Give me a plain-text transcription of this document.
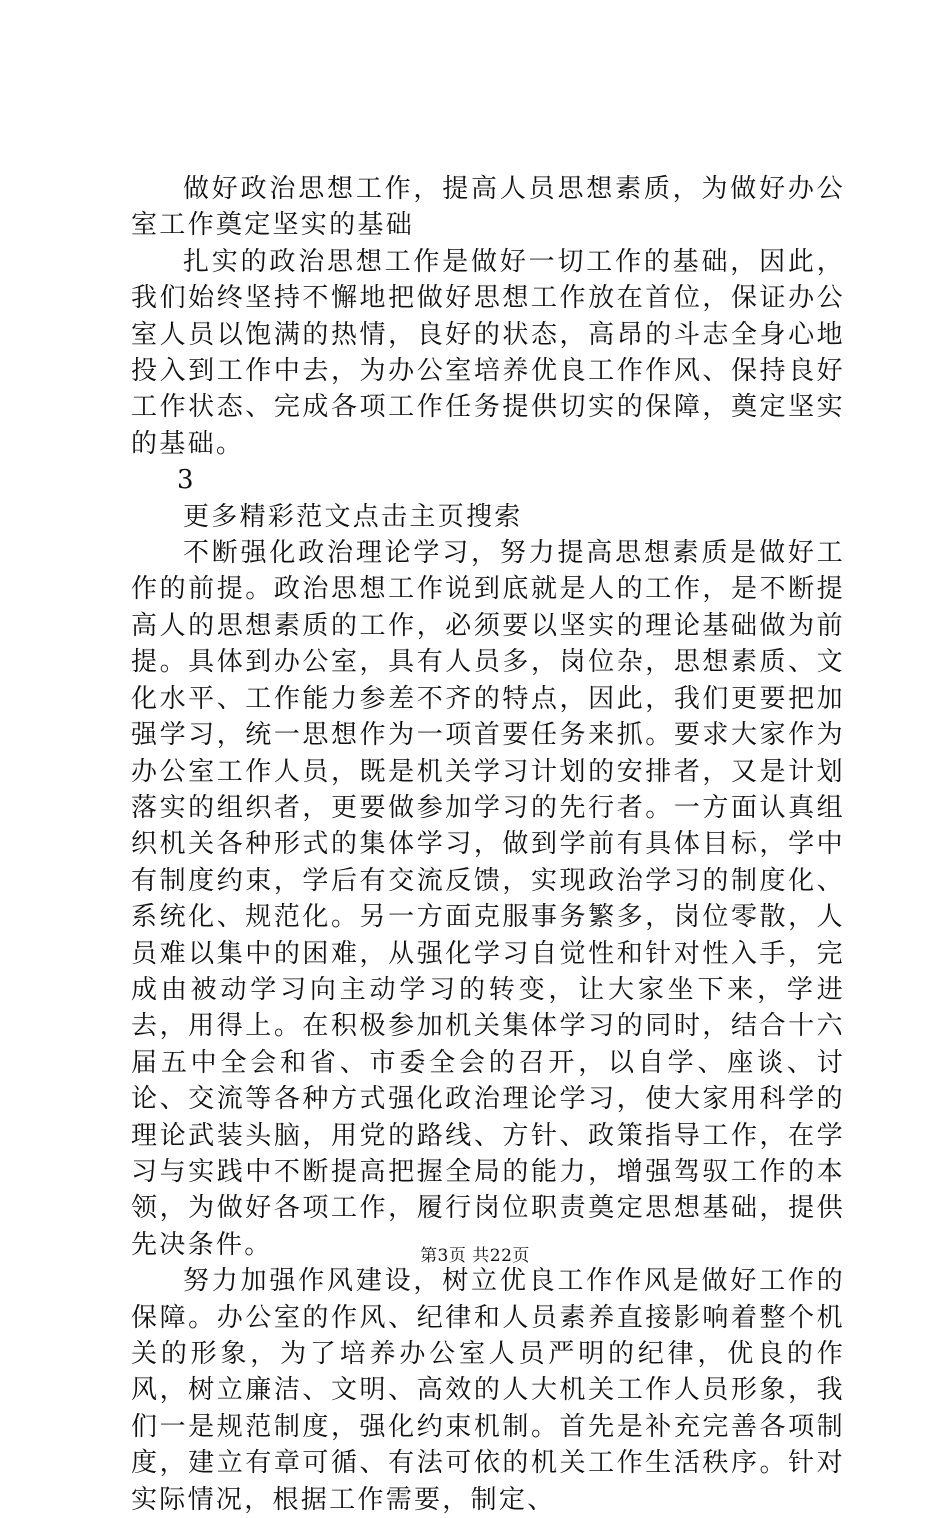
做好政治思想工作，提高人员思想素质，为做好办公室工作奠定坚实的基础

扎实的政治思想工作是做好一切工作的基础，因此，我们始终坚持不懈地把做好思想工作放在首位，保证办公室人员以饱满的热情，良好的状态，高昂的斗志全身心地投入到工作中去，为办公室培养优良工作作风、保持良好工作状态、完成各项工作任务提供切实的保障，奠定坚实的基础。

3

更多精彩范文点击主页搜索

不断强化政治理论学习，努力提高思想素质是做好工作的前提。政治思想工作说到底就是人的工作，是不断提高人的思想素质的工作，必须要以坚实的理论基础做为前提。具体到办公室，具有人员多，岗位杂，思想素质、文化水平、工作能力参差不齐的特点，因此，我们更要把加强学习，统一思想作为一项首要任务来抓。要求大家作为办公室工作人员，既是机关学习计划的安排者，又是计划落实的组织者，更要做参加学习的先行者。一方面认真组织机关各种形式的集体学习，做到学前有具体目标，学中有制度约束，学后有交流反馈，实现政治学习的制度化、系统化、规范化。另一方面克服事务繁多，岗位零散，人员难以集中的困难，从强化学习自觉性和针对性入手，完成由被动学习向主动学习的转变，让大家坐下来，学进去，用得上。在积极参加机关集体学习的同时，结合十六届五中全会和省、市委全会的召开，以自学、座谈、讨论、交流等各种方式强化政治理论学习，使大家用科学的理论武装头脑，用党的路线、方针、政策指导工作，在学习与实践中不断提高把握全局的能力，增强驾驭工作的本领，为做好各项工作，履行岗位职责奠定思想基础，提供先决条件。

努力加强作风建设，树立优良工作作风是做好工作的保障。办公室的作风、纪律和人员素养直接影响着整个机关的形象，为了培养办公室人员严明的纪律，优良的作风，树立廉洁、文明、高效的人大机关工作人员形象，我们一是规范制度，强化约束机制。首先是补充完善各项制度，建立有章可循、有法可依的机关工作生活秩序。针对实际情况，根据工作需要，制定、

第3页 共22页
